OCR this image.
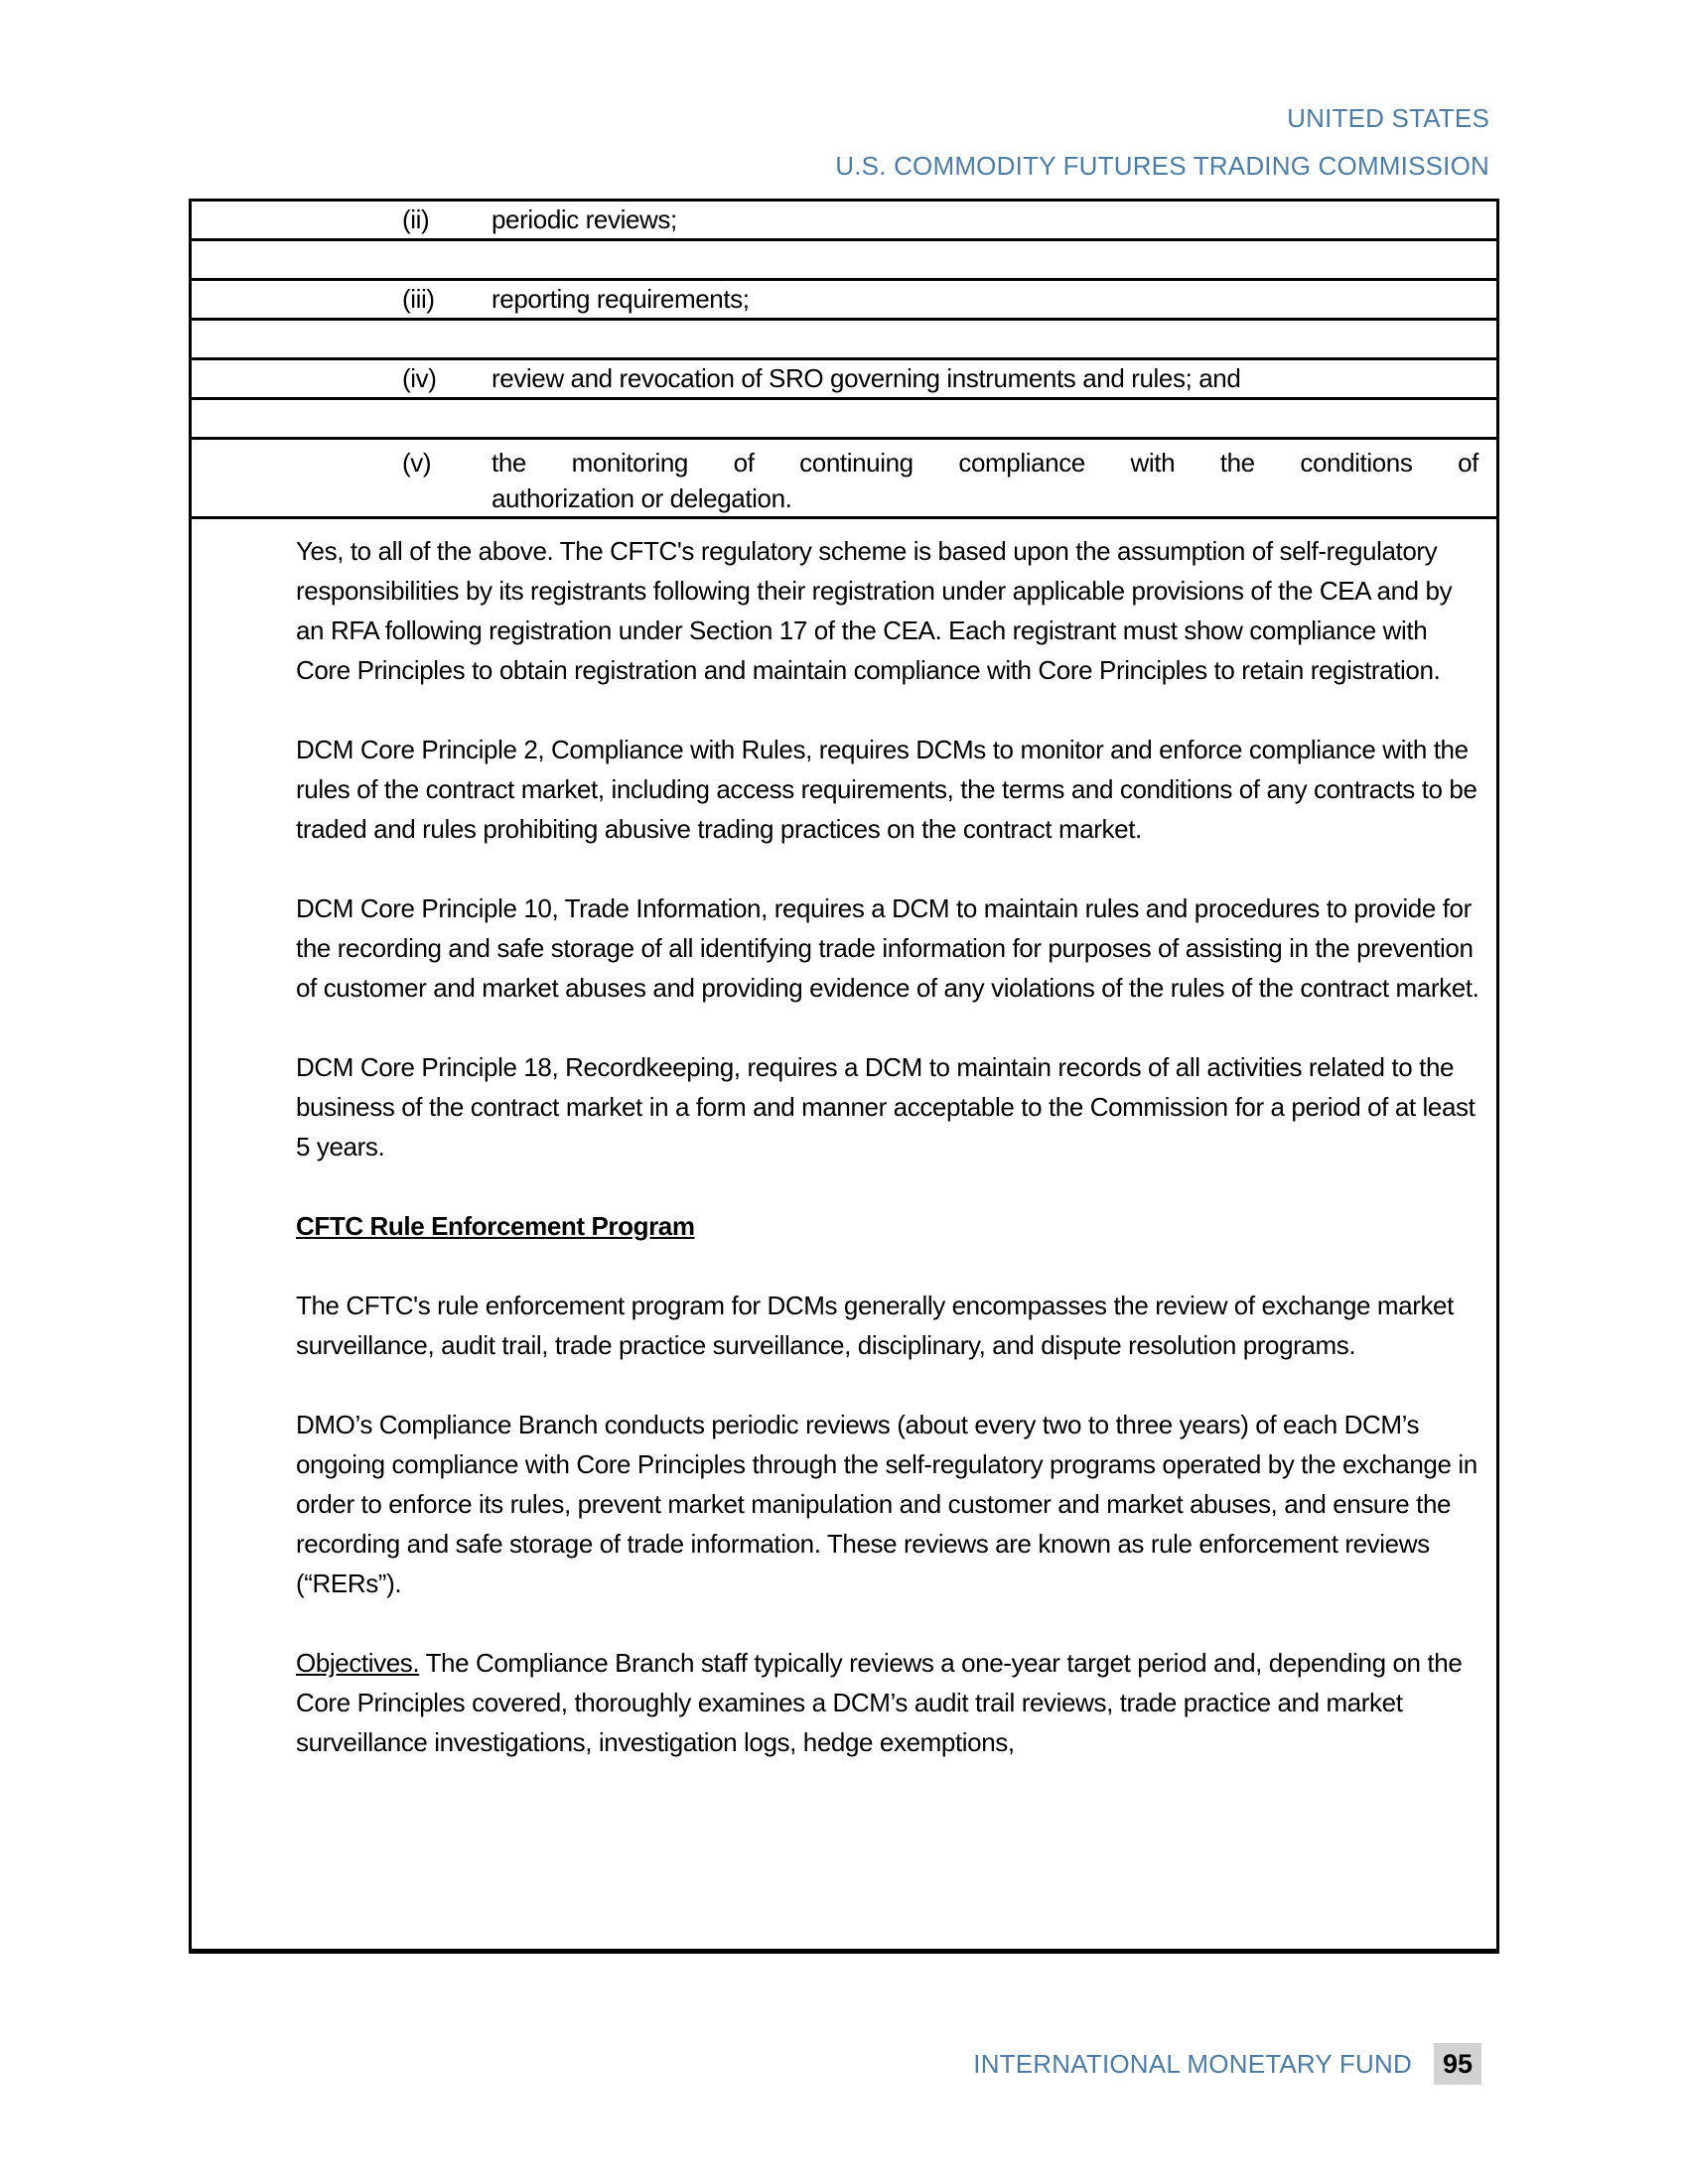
UNITED STATES
U.S. COMMODITY FUTURES TRADING COMMISSION
(ii)	periodic reviews;
(iii)	reporting requirements;
(iv)	review and revocation of SRO governing instruments and rules; and
(v)	the monitoring of continuing compliance with the conditions of
authorization or delegation.

Yes, to all of the above. The CFTC's regulatory scheme is based upon the assumption of self-regulatory responsibilities by its registrants following their registration under applicable provisions of the CEA and by an RFA following registration under Section 17 of the CEA. Each registrant must show compliance with Core Principles to obtain registration and maintain compliance with Core Principles to retain registration.

DCM Core Principle 2, Compliance with Rules, requires DCMs to monitor and enforce compliance with the rules of the contract market, including access requirements, the terms and conditions of any contracts to be traded and rules prohibiting abusive trading practices on the contract market.

DCM Core Principle 10, Trade Information, requires a DCM to maintain rules and procedures to provide for the recording and safe storage of all identifying trade information for purposes of assisting in the prevention of customer and market abuses and providing evidence of any violations of the rules of the contract market.

DCM Core Principle 18, Recordkeeping, requires a DCM to maintain records of all activities related to the business of the contract market in a form and manner acceptable to the Commission for a period of at least 5 years.

CFTC Rule Enforcement Program

The CFTC's rule enforcement program for DCMs generally encompasses the review of exchange market surveillance, audit trail, trade practice surveillance, disciplinary, and dispute resolution programs.

DMO’s Compliance Branch conducts periodic reviews (about every two to three years) of each DCM’s ongoing compliance with Core Principles through the self-regulatory programs operated by the exchange in order to enforce its rules, prevent market manipulation and customer and market abuses, and ensure the recording and safe storage of trade information. These reviews are known as rule enforcement reviews (“RERs”).

Objectives. The Compliance Branch staff typically reviews a one-year target period and, depending on the Core Principles covered, thoroughly examines a DCM’s audit trail reviews, trade practice and market surveillance investigations, investigation logs, hedge exemptions,

INTERNATIONAL MONETARY FUND	95
